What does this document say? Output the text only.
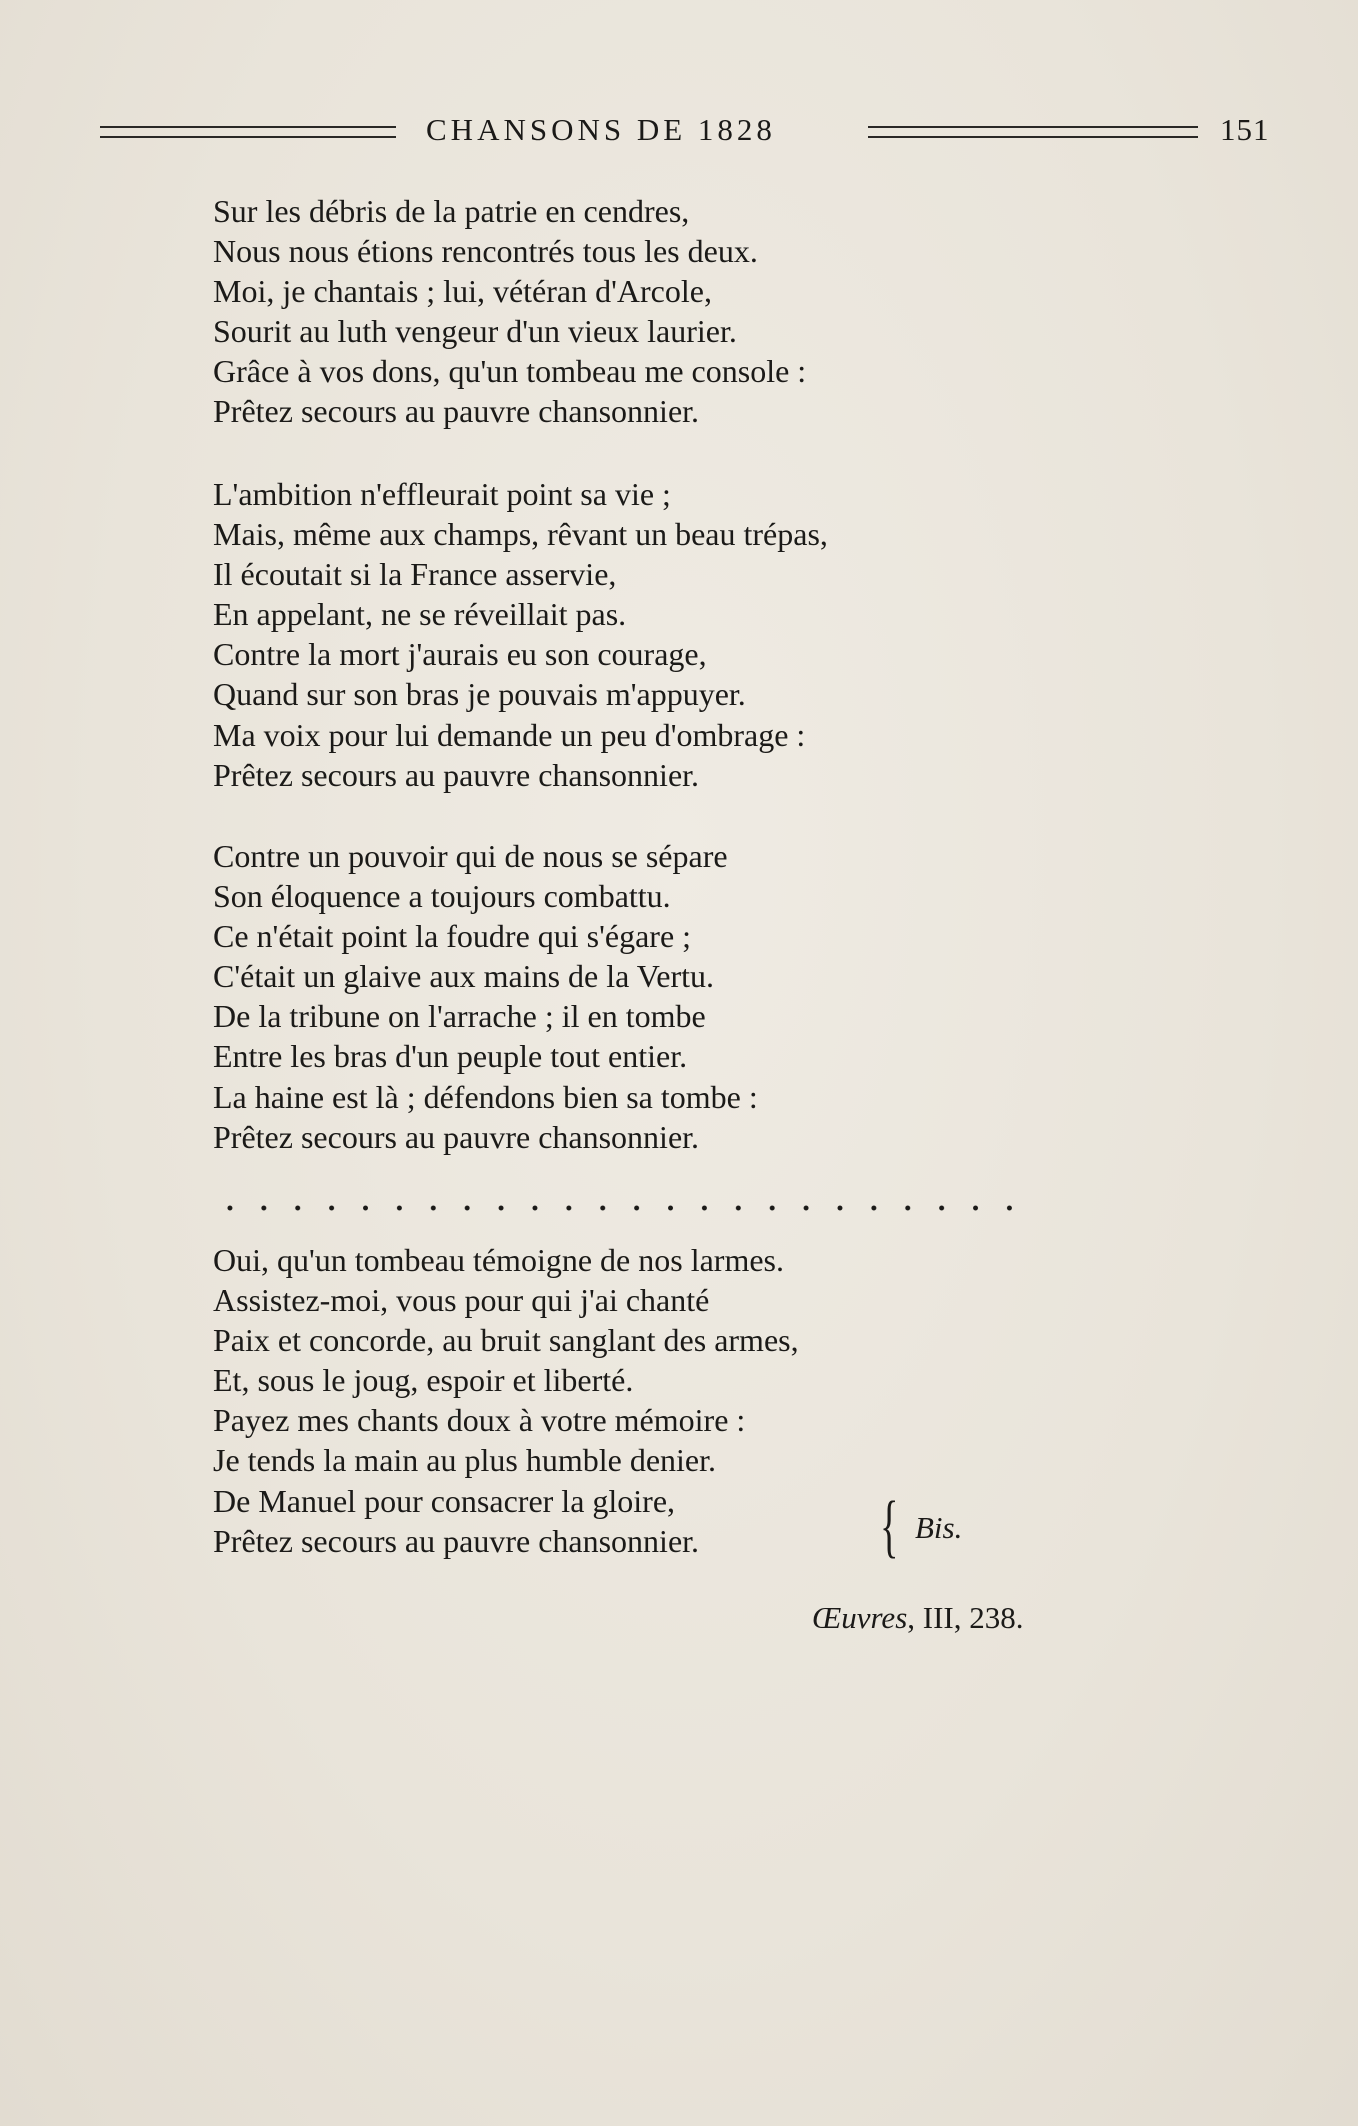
CHANSONS DE 1828	151
Sur les débris de la patrie en cendres,
Nous nous étions rencontrés tous les deux.
Moi, je chantais ; lui, vétéran d'Arcole,
Sourit au luth vengeur d'un vieux laurier.
Grâce à vos dons, qu'un tombeau me console :
Prêtez secours au pauvre chansonnier.
L'ambition n'effleurait point sa vie ;
Mais, même aux champs, rêvant un beau trépas,
Il écoutait si la France asservie,
En appelant, ne se réveillait pas.
Contre la mort j'aurais eu son courage,
Quand sur son bras je pouvais m'appuyer.
Ma voix pour lui demande un peu d'ombrage :
Prêtez secours au pauvre chansonnier.
Contre un pouvoir qui de nous se sépare
Son éloquence a toujours combattu.
Ce n'était point la foudre qui s'égare ;
C'était un glaive aux mains de la Vertu.
De la tribune on l'arrache ; il en tombe
Entre les bras d'un peuple tout entier.
La haine est là ; défendons bien sa tombe :
Prêtez secours au pauvre chansonnier.
Oui, qu'un tombeau témoigne de nos larmes.
Assistez-moi, vous pour qui j'ai chanté
Paix et concorde, au bruit sanglant des armes,
Et, sous le joug, espoir et liberté.
Payez mes chants doux à votre mémoire :
Je tends la main au plus humble denier.
De Manuel pour consacrer la gloire,
Prêtez secours au pauvre chansonnier.	{ Bis.
Œuvres, III, 238.
